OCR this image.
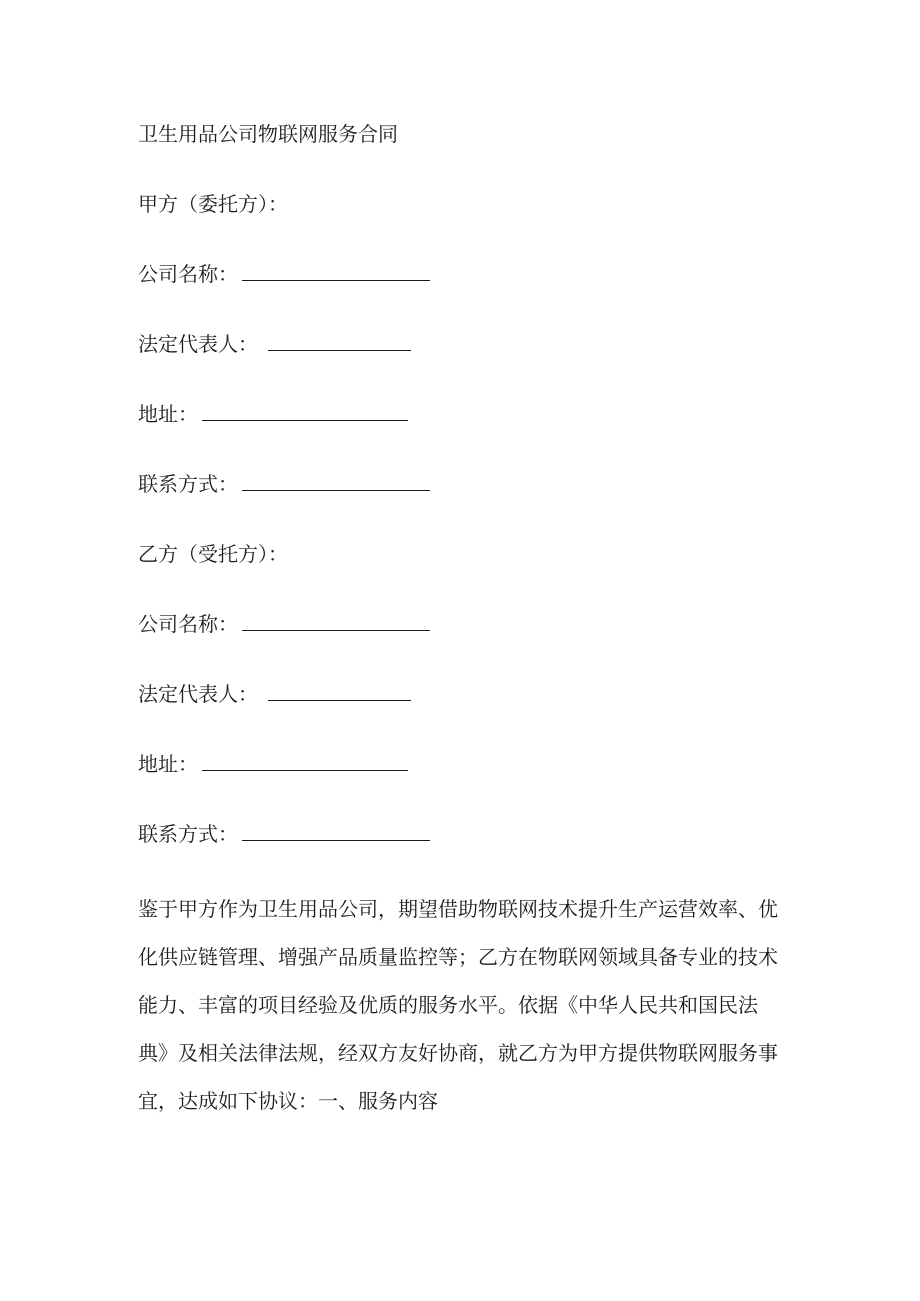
卫生用品公司物联网服务合同
甲方（委托方）：
公司名称：
法定代表人：
地址：
联系方式：
乙方（受托方）：
公司名称：
法定代表人：
地址：
联系方式：
鉴于甲方作为卫生用品公司，期望借助物联网技术提升生产运营效率、优
化供应链管理、增强产品质量监控等；乙方在物联网领域具备专业的技术
能力、丰富的项目经验及优质的服务水平。依据《中华人民共和国民法
典》及相关法律法规，经双方友好协商，就乙方为甲方提供物联网服务事
宜，达成如下协议：一、服务内容
